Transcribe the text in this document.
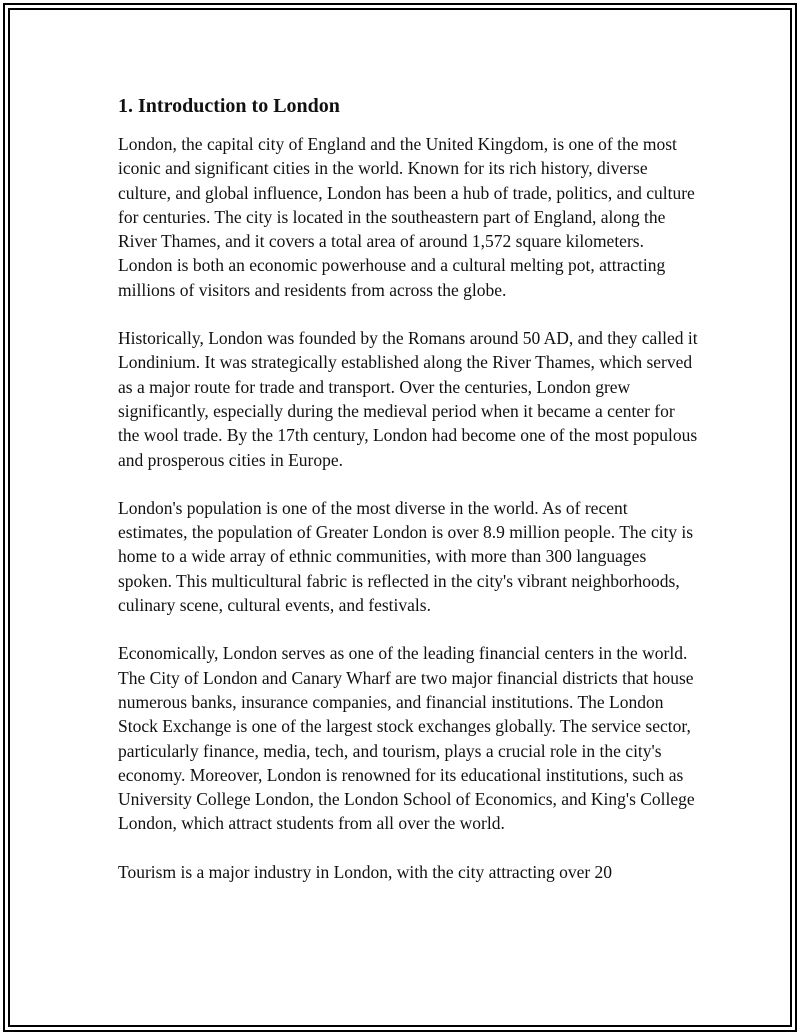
1. Introduction to London

London, the capital city of England and the United Kingdom, is one of the most iconic and significant cities in the world. Known for its rich history, diverse culture, and global influence, London has been a hub of trade, politics, and culture for centuries. The city is located in the southeastern part of England, along the River Thames, and it covers a total area of around 1,572 square kilometers. London is both an economic powerhouse and a cultural melting pot, attracting millions of visitors and residents from across the globe.

Historically, London was founded by the Romans around 50 AD, and they called it Londinium. It was strategically established along the River Thames, which served as a major route for trade and transport. Over the centuries, London grew significantly, especially during the medieval period when it became a center for the wool trade. By the 17th century, London had become one of the most populous and prosperous cities in Europe.

London's population is one of the most diverse in the world. As of recent estimates, the population of Greater London is over 8.9 million people. The city is home to a wide array of ethnic communities, with more than 300 languages spoken. This multicultural fabric is reflected in the city's vibrant neighborhoods, culinary scene, cultural events, and festivals.

Economically, London serves as one of the leading financial centers in the world. The City of London and Canary Wharf are two major financial districts that house numerous banks, insurance companies, and financial institutions. The London Stock Exchange is one of the largest stock exchanges globally. The service sector, particularly finance, media, tech, and tourism, plays a crucial role in the city's economy. Moreover, London is renowned for its educational institutions, such as University College London, the London School of Economics, and King's College London, which attract students from all over the world.

Tourism is a major industry in London, with the city attracting over 20
